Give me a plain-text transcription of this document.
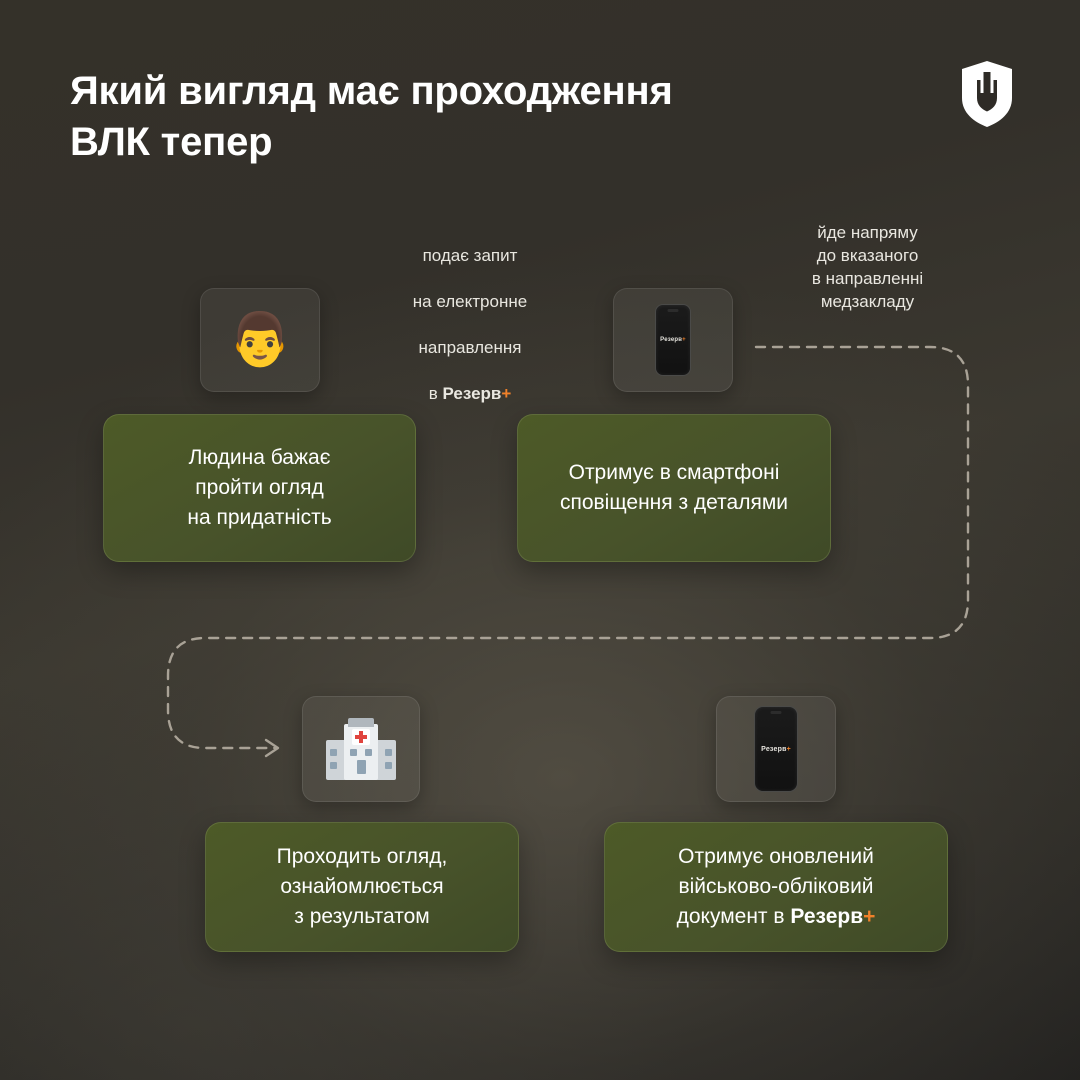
Який вигляд має проходження
ВЛК тепер

подає запит

на електронне

направлення

в Резерв+

йде напряму
до вказаного
в направленні
медзакладу
👨	Резерв+
Резерв+
Людина бажає
пройти огляд
на придатність
Отримує в смартфоні
сповіщення з деталями
Проходить огляд,
ознайомлюється
з результатом
Отримує оновлений
військово-обліковий
документ в Резерв+
